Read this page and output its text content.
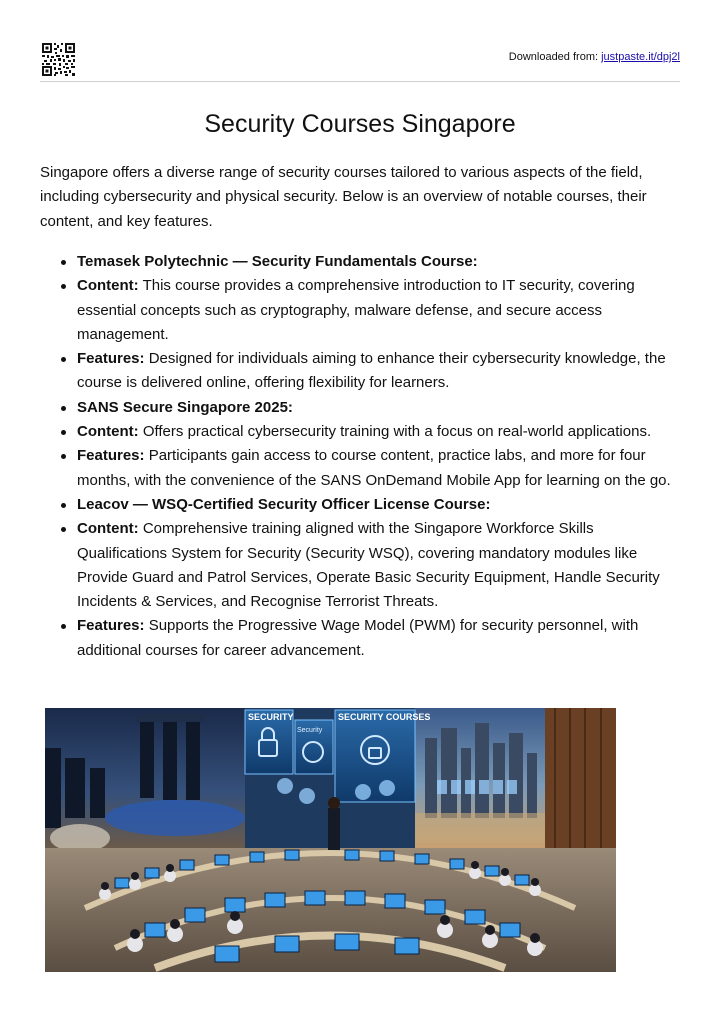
Downloaded from: justpaste.it/dpj2l
Security Courses Singapore

Singapore offers a diverse range of security courses tailored to various aspects of the field, including cybersecurity and physical security. Below is an overview of notable courses, their content, and key features.

Temasek Polytechnic — Security Fundamentals Course:
Content: This course provides a comprehensive introduction to IT security, covering essential concepts such as cryptography, malware defense, and secure access management.
Features: Designed for individuals aiming to enhance their cybersecurity knowledge, the course is delivered online, offering flexibility for learners.
SANS Secure Singapore 2025:
Content: Offers practical cybersecurity training with a focus on real-world applications.
Features: Participants gain access to course content, practice labs, and more for four months, with the convenience of the SANS OnDemand Mobile App for learning on the go.
Leacov — WSQ-Certified Security Officer License Course:
Content: Comprehensive training aligned with the Singapore Workforce Skills Qualifications System for Security (Security WSQ), covering mandatory modules like Provide Guard and Patrol Services, Operate Basic Security Equipment, Handle Security Incidents & Services, and Recognise Terrorist Threats.
Features: Supports the Progressive Wage Model (PWM) for security personnel, with additional courses for career advancement.
SECURITY	SECURITY COURSES
Security
